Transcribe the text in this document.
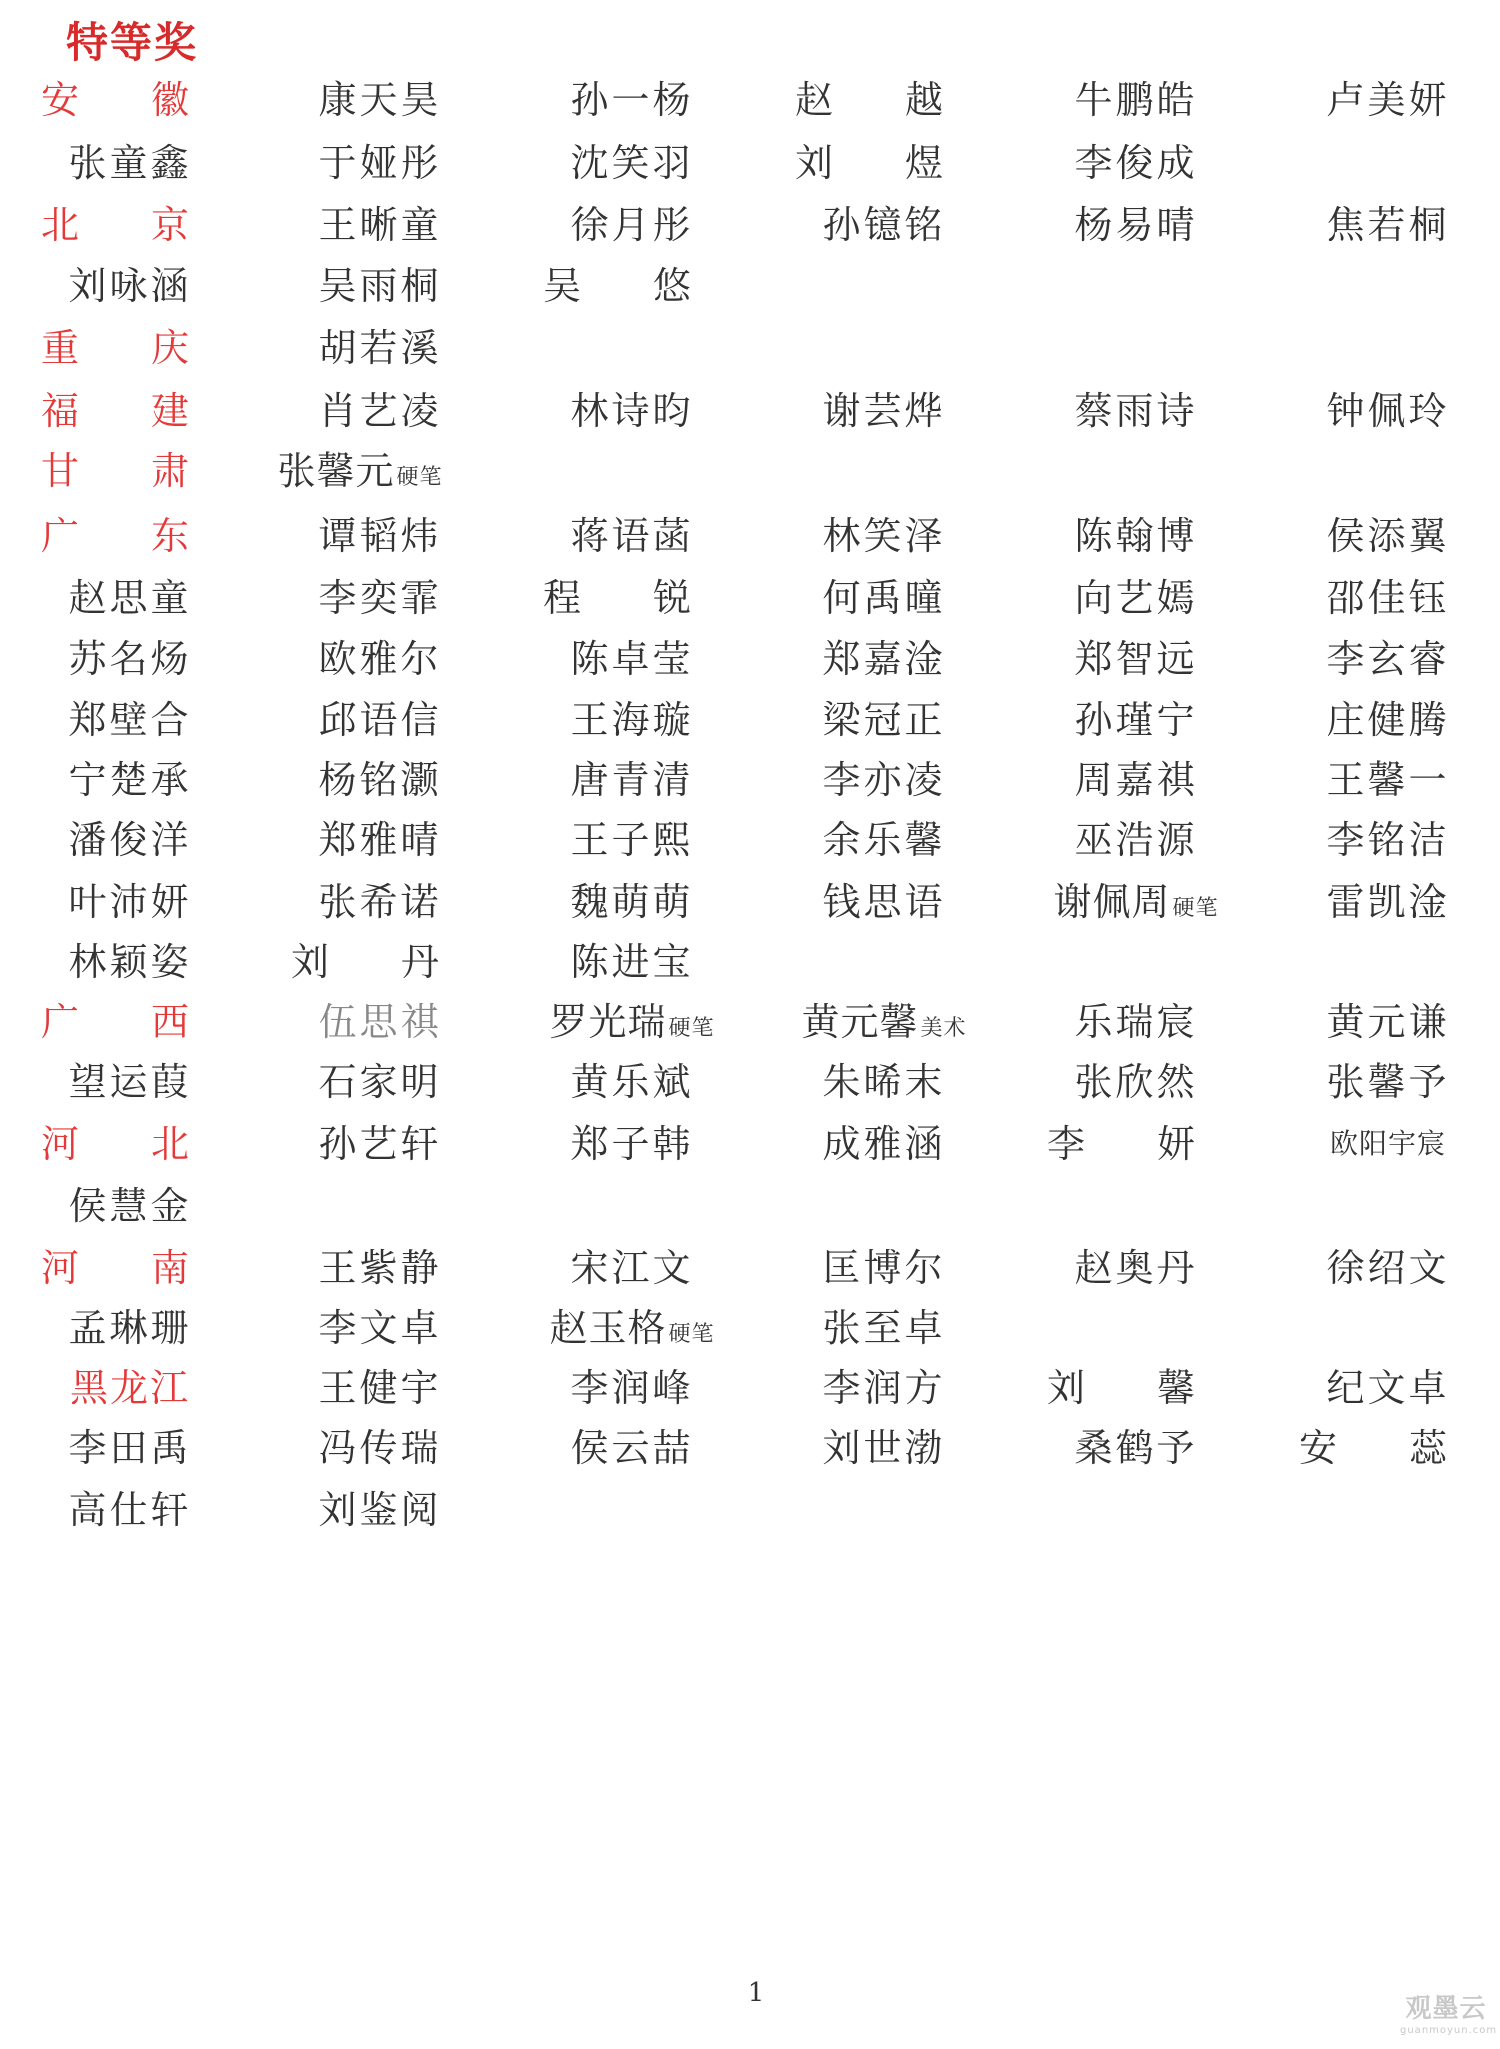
特等奖
安 徽	康天昊	孙一杨	赵 越	牛鹏皓	卢美妍
张童鑫	于娅彤	沈笑羽	刘 煜	李俊成
北 京	王晰童	徐月彤	孙镱铭	杨易晴	焦若桐
刘咏涵	吴雨桐	吴 悠
重 庆	胡若溪
福 建	肖艺凌	林诗昀	谢芸烨	蔡雨诗	钟佩玲
甘 肃	张馨元硬笔
广 东	谭韬炜	蒋语菡	林笑泽	陈翰博	侯添翼
赵思童	李奕霏	程 锐	何禹曈	向艺嫣	邵佳钰
苏名炀	欧雅尔	陈卓莹	郑嘉淦	郑智远	李玄睿
郑壁合	邱语信	王海璇	梁冠正	孙瑾宁	庄健腾
宁楚承	杨铭灏	唐青清	李亦凌	周嘉祺	王馨一
潘俊洋	郑雅晴	王子熙	余乐馨	巫浩源	李铭洁
叶沛妍	张希诺	魏萌萌	钱思语	谢佩周硬笔	雷凯淦
林颖姿	刘 丹	陈进宝
广 西	伍思祺	罗光瑞硬笔	黄元馨美术	乐瑞宸	黄元谦
望运葭	石家明	黄乐斌	朱晞末	张欣然	张馨予
河 北	孙艺轩	郑子韩	成雅涵	李 妍	欧阳宇宸
侯慧金
河 南	王紫静	宋江文	匡博尔	赵奥丹	徐绍文
孟琳珊	李文卓	赵玉格硬笔	张至卓
黑龙江	王健宇	李润峰	李润方	刘 馨	纪文卓
李田禹	冯传瑞	侯云喆	刘世渤	桑鹤予	安 蕊
高仕轩	刘鉴阅
1
观墨云
guanmoyun.com
